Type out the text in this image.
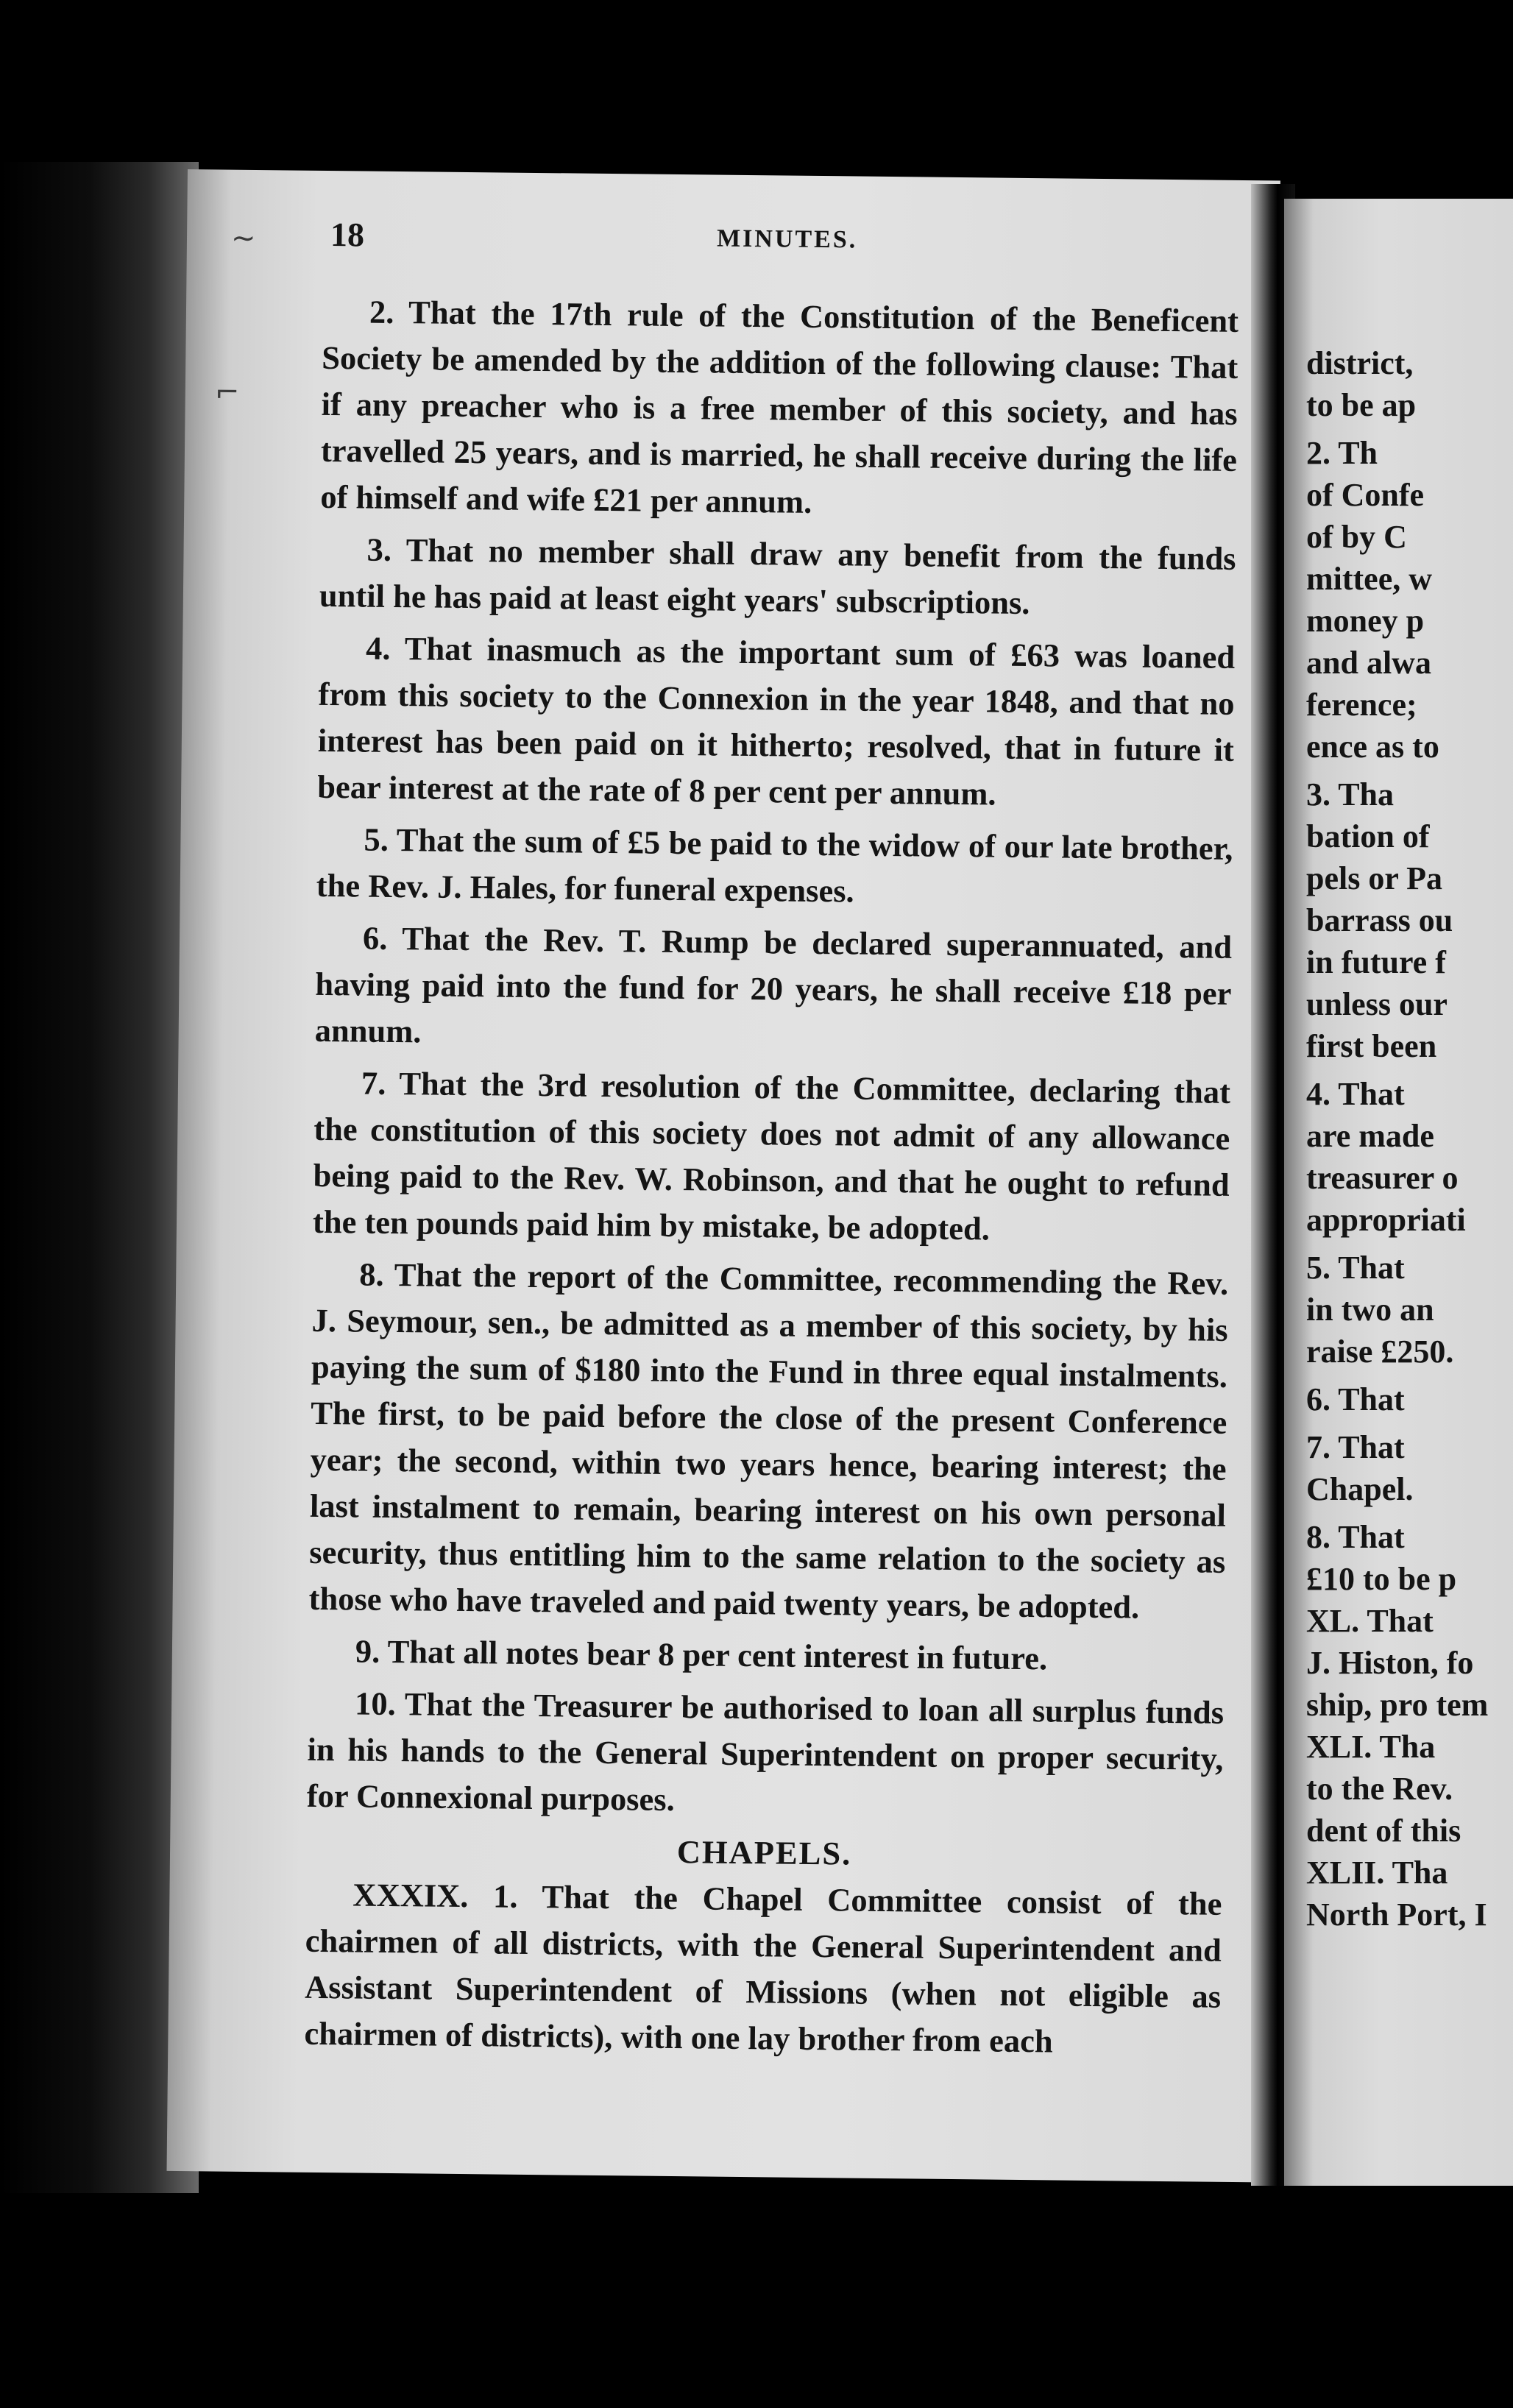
18	MINUTES.

2. That the 17th rule of the Constitution of the Beneficent Society be amended by the addition of the following clause: That if any preacher who is a free member of this society, and has travelled 25 years, and is married, he shall receive during the life of himself and wife £21 per annum.

3. That no member shall draw any benefit from the funds until he has paid at least eight years' subscriptions.

4. That inasmuch as the important sum of £63 was loaned from this society to the Connexion in the year 1848, and that no interest has been paid on it hitherto; resolved, that in future it bear interest at the rate of 8 per cent per annum.

5. That the sum of £5 be paid to the widow of our late brother, the Rev. J. Hales, for funeral expenses.

6. That the Rev. T. Rump be declared superannuated, and having paid into the fund for 20 years, he shall receive £18 per annum.

7. That the 3rd resolution of the Committee, declaring that the constitution of this society does not admit of any allowance being paid to the Rev. W. Robinson, and that he ought to refund the ten pounds paid him by mistake, be adopted.

8. That the report of the Committee, recommending the Rev. J. Seymour, sen., be admitted as a member of this society, by his paying the sum of $180 into the Fund in three equal instalments. The first, to be paid before the close of the present Conference year; the second, within two years hence, bearing interest; the last instalment to remain, bearing interest on his own personal security, thus entitling him to the same relation to the society as those who have traveled and paid twenty years, be adopted.

9. That all notes bear 8 per cent interest in future.

10. That the Treasurer be authorised to loan all surplus funds in his hands to the General Superintendent on proper security, for Connexional purposes.

CHAPELS.

XXXIX. 1. That the Chapel Committee consist of the chairmen of all districts, with the General Superintendent and Assistant Superintendent of Missions (when not eligible as chairmen of districts), with one lay brother from each

~
⌐
district,
to be ap
2. Th
of Confe
of by C
mittee, w
money p
and alwa
ference;
ence as to
3. Tha
bation of
pels or Pa
barrass ou
in future f
unless our
first been
4. That
are made
treasurer o
appropriati
5. That
in two an
raise £250.
6. That
7. That
Chapel.
8. That
£10 to be p
XL. That
J. Histon, fo
ship, pro tem
XLI. Tha
to the Rev.
dent of this
XLII. Tha
North Port, I
